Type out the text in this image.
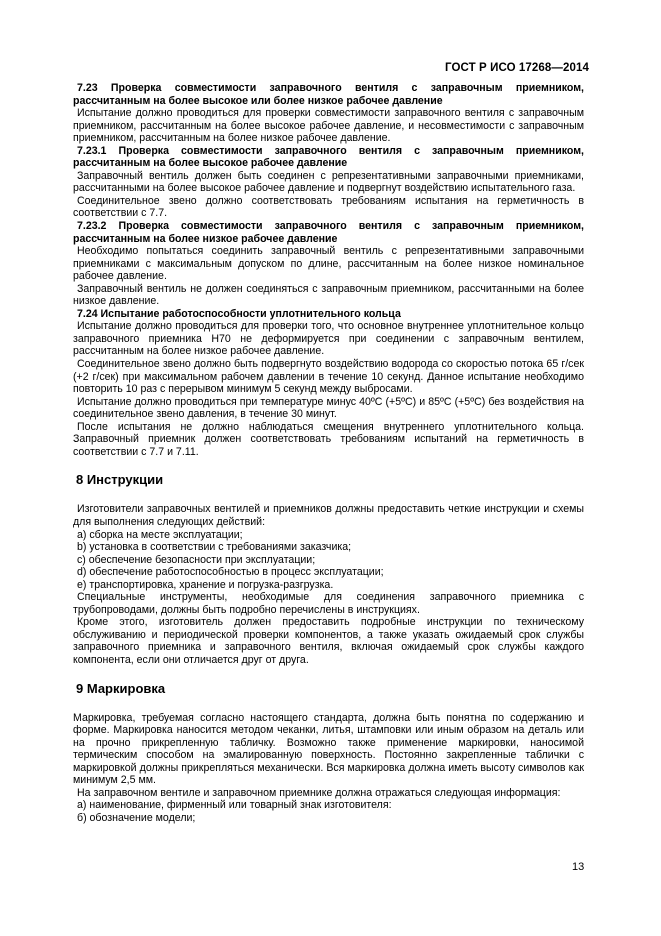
ГОСТ Р ИСО 17268—2014
7.23 Проверка совместимости заправочного вентиля с заправочным приемником, рассчитанным на более высокое или более низкое рабочее давление
Испытание должно проводиться для проверки совместимости заправочного вентиля с заправочным приемником, рассчитанным на более высокое рабочее давление, и несовместимости с заправочным приемником, рассчитанным на более низкое рабочее давление.
7.23.1 Проверка совместимости заправочного вентиля с заправочным приемником, рассчитанным на более высокое рабочее давление
Заправочный вентиль должен быть соединен с репрезентативными заправочными приемниками, рассчитанными на более высокое рабочее давление и подвергнут воздействию испытательного газа.
Соединительное звено должно соответствовать требованиям испытания на герметичность в соответствии с 7.7.
7.23.2 Проверка совместимости заправочного вентиля с заправочным приемником, рассчитанным на более низкое рабочее давление
Необходимо попытаться соединить заправочный вентиль с репрезентативными заправочными приемниками с максимальным допуском по длине, рассчитанным на более низкое номинальное рабочее давление.
Заправочный вентиль не должен соединяться с заправочным приемником, рассчитанными на более низкое давление.
7.24 Испытание работоспособности уплотнительного кольца
Испытание должно проводиться для проверки того, что основное внутреннее уплотнительное кольцо заправочного приемника Н70 не деформируется при соединении с заправочным вентилем, рассчитанным на более низкое рабочее давление.
Соединительное звено должно быть подвергнуто воздействию водорода со скоростью потока 65 г/сек (+2 г/сек) при максимальном рабочем давлении в течение 10 секунд. Данное испытание необходимо повторить 10 раз с перерывом минимум 5 секунд между выбросами.
Испытание должно проводиться при температуре минус 40ºС (+5ºС) и 85ºС (+5ºС) без воздействия на соединительное звено давления, в течение 30 минут.
После испытания не должно наблюдаться смещения внутреннего уплотнительного кольца. Заправочный приемник должен соответствовать требованиям испытаний на герметичность в соответствии с 7.7 и 7.11.
8 Инструкции
Изготовители заправочных вентилей и приемников должны предоставить четкие инструкции и схемы для выполнения следующих действий:
а) сборка на месте эксплуатации;
b) установка в соответствии с требованиями заказчика;
c) обеспечение безопасности при эксплуатации;
d) обеспечение работоспособностью в процесс эксплуатации;
e) транспортировка, хранение и погрузка-разгрузка.
Специальные инструменты, необходимые для соединения заправочного приемника с трубопроводами, должны быть подробно перечислены в инструкциях.
Кроме этого, изготовитель должен предоставить подробные инструкции по техническому обслуживанию и периодической проверки компонентов, а также указать ожидаемый срок службы заправочного приемника и заправочного вентиля, включая ожидаемый срок службы каждого компонента, если они отличается друг от друга.
9 Маркировка
Маркировка, требуемая согласно настоящего стандарта, должна быть понятна по содержанию и форме. Маркировка наносится методом чеканки, литья, штамповки или иным образом на деталь или на прочно прикрепленную табличку. Возможно также применение маркировки, наносимой термическим способом на эмалированную поверхность. Постоянно закрепленные таблички с маркировкой должны прикрепляться механически. Вся маркировка должна иметь высоту символов как минимум 2,5 мм.
На заправочном вентиле и заправочном приемнике должна отражаться следующая информация:
а) наименование, фирменный или товарный знак изготовителя:
б) обозначение модели;
13
